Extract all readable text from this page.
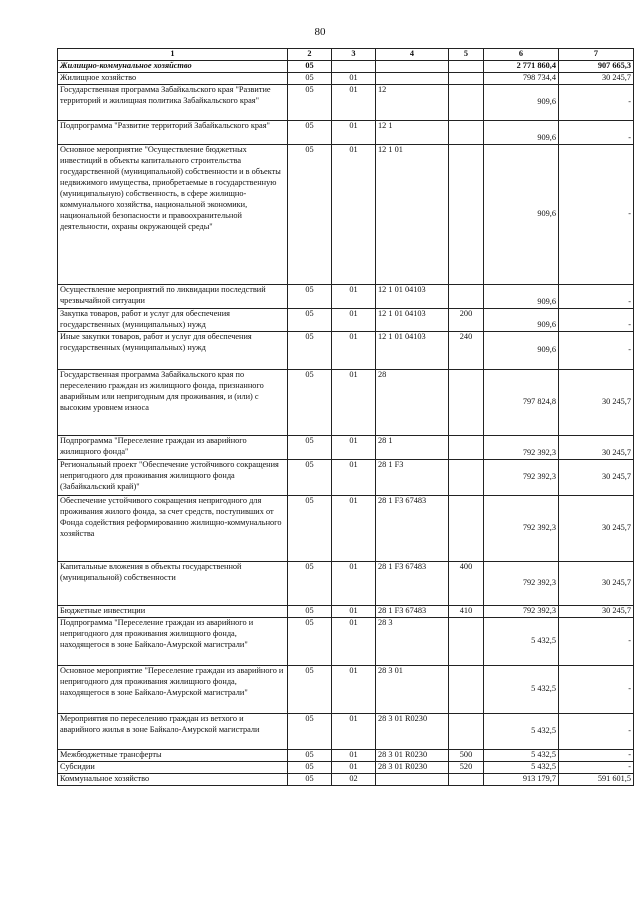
80
1	2	3	4	5	6	7
Жилищно-коммунальное хозяйство	05				2 771 860,4	907 665,3
Жилищное хозяйство	05	01			798 734,4	30 245,7
Государственная программа Забайкальского края "Развитие территорий и жилищная политика Забайкальского края"	05	01	12		909,6	-
Подпрограмма "Развитие территорий Забайкальского края"	05	01	12 1		909,6	-
Основное мероприятие "Осуществление бюджетных инвестиций в объекты капитального строительства государственной (муниципальной) собственности и в объекты недвижимого имущества, приобретаемые в государственную (муниципальную) собственность, в сфере жилищно-коммунального хозяйства, национальной экономики, национальной безопасности и правоохранительной деятельности, охраны окружающей среды"	05	01	12 1 01		909,6	-
Осуществление мероприятий по ликвидации последствий чрезвычайной ситуации	05	01	12 1 01 04103		909,6	-
Закупка товаров, работ и услуг для обеспечения государственных (муниципальных) нужд	05	01	12 1 01 04103	200	909,6	-
Иные закупки товаров, работ и услуг для обеспечения государственных (муниципальных) нужд	05	01	12 1 01 04103	240	909,6	-
Государственная программа Забайкальского края по переселению граждан из жилищного фонда, признанного аварийным или непригодным для проживания, и (или) с высоким уровнем износа	05	01	28		797 824,8	30 245,7
Подпрограмма "Переселение граждан из аварийного жилищного фонда"	05	01	28 1		792 392,3	30 245,7
Региональный проект "Обеспечение устойчивого сокращения непригодного для проживания жилищного фонда (Забайкальский край)"	05	01	28 1 F3		792 392,3	30 245,7
Обеспечение устойчивого сокращения непригодного для проживания жилого фонда, за счет средств, поступивших от Фонда содействия реформированию жилищно-коммунального хозяйства	05	01	28 1 F3 67483		792 392,3	30 245,7
Капитальные вложения в объекты государственной (муниципальной) собственности	05	01	28 1 F3 67483	400	792 392,3	30 245,7
Бюджетные инвестиции	05	01	28 1 F3 67483	410	792 392,3	30 245,7
Подпрограмма "Переселение граждан из аварийного и непригодного для проживания жилищного фонда, находящегося в зоне Байкало-Амурской магистрали"	05	01	28 3		5 432,5	-
Основное мероприятие "Переселение граждан из аварийного и непригодного для проживания жилищного фонда, находящегося в зоне Байкало-Амурской магистрали"	05	01	28 3 01		5 432,5	-
Мероприятия по переселению граждан из ветхого и аварийного жилья в зоне Байкало-Амурской магистрали	05	01	28 3 01 R0230		5 432,5	-
Межбюджетные трансферты	05	01	28 3 01 R0230	500	5 432,5	-
Субсидии	05	01	28 3 01 R0230	520	5 432,5	-
Коммунальное хозяйство	05	02			913 179,7	591 601,5
